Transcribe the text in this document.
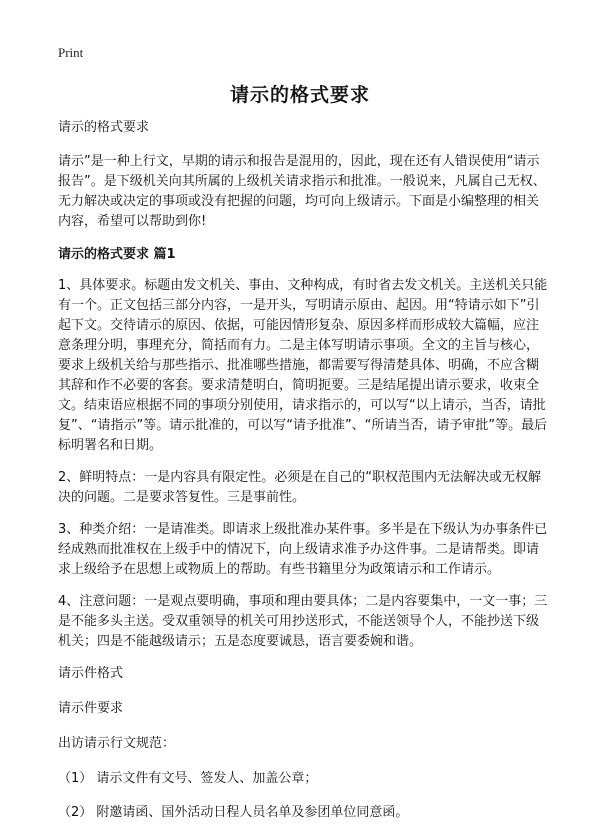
Print
请示的格式要求

请示的格式要求

请示”是一种上行文，早期的请示和报告是混用的，因此，现在还有人错误使用“请示报告”。是下级机关向其所属的上级机关请求指示和批准。一般说来，凡属自己无权、无力解决或决定的事项或没有把握的问题，均可向上级请示。下面是小编整理的相关内容，希望可以帮助到你!

请示的格式要求 篇1

1、具体要求。标题由发文机关、事由、文种构成，有时省去发文机关。主送机关只能有一个。正文包括三部分内容，一是开头，写明请示原由、起因。用“特请示如下”引起下文。交待请示的原因、依据，可能因情形复杂、原因多样而形成较大篇幅，应注意条理分明，事理充分，简括而有力。二是主体写明请示事项。全文的主旨与核心，要求上级机关给与那些指示、批准哪些措施，都需要写得清楚具体、明确，不应含糊其辞和作不必要的客套。要求清楚明白，简明扼要。三是结尾提出请示要求，收束全文。结束语应根据不同的事项分别使用，请求指示的，可以写“以上请示，当否，请批复”、“请指示”等。请示批准的，可以写“请予批准”、“所请当否，请予审批”等。最后标明署名和日期。

2、鲜明特点：一是内容具有限定性。必须是在自己的“职权范围内无法解决或无权解决的问题。二是要求答复性。三是事前性。

3、种类介绍：一是请准类。即请求上级批准办某件事。多半是在下级认为办事条件已经成熟而批准权在上级手中的情况下，向上级请求准予办这件事。二是请帮类。即请求上级给予在思想上或物质上的帮助。有些书籍里分为政策请示和工作请示。

4、注意问题：一是观点要明确，事项和理由要具体；二是内容要集中，一文一事；三是不能多头主送。受双重领导的机关可用抄送形式，不能送领导个人，不能抄送下级机关；四是不能越级请示；五是态度要诚恳，语言要委婉和谐。

请示件格式

请示件要求

出访请示行文规范：

（1） 请示文件有文号、签发人、加盖公章；

（2） 附邀请函、国外活动日程人员名单及参团单位同意函。
